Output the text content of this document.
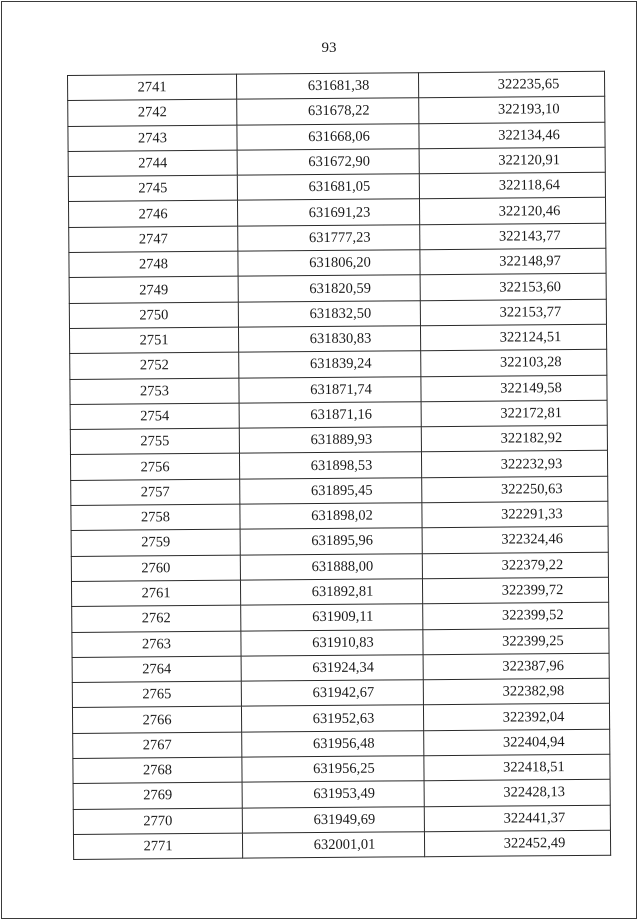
93
2741	631681,38	322235,65
2742	631678,22	322193,10
2743	631668,06	322134,46
2744	631672,90	322120,91
2745	631681,05	322118,64
2746	631691,23	322120,46
2747	631777,23	322143,77
2748	631806,20	322148,97
2749	631820,59	322153,60
2750	631832,50	322153,77
2751	631830,83	322124,51
2752	631839,24	322103,28
2753	631871,74	322149,58
2754	631871,16	322172,81
2755	631889,93	322182,92
2756	631898,53	322232,93
2757	631895,45	322250,63
2758	631898,02	322291,33
2759	631895,96	322324,46
2760	631888,00	322379,22
2761	631892,81	322399,72
2762	631909,11	322399,52
2763	631910,83	322399,25
2764	631924,34	322387,96
2765	631942,67	322382,98
2766	631952,63	322392,04
2767	631956,48	322404,94
2768	631956,25	322418,51
2769	631953,49	322428,13
2770	631949,69	322441,37
2771	632001,01	322452,49
